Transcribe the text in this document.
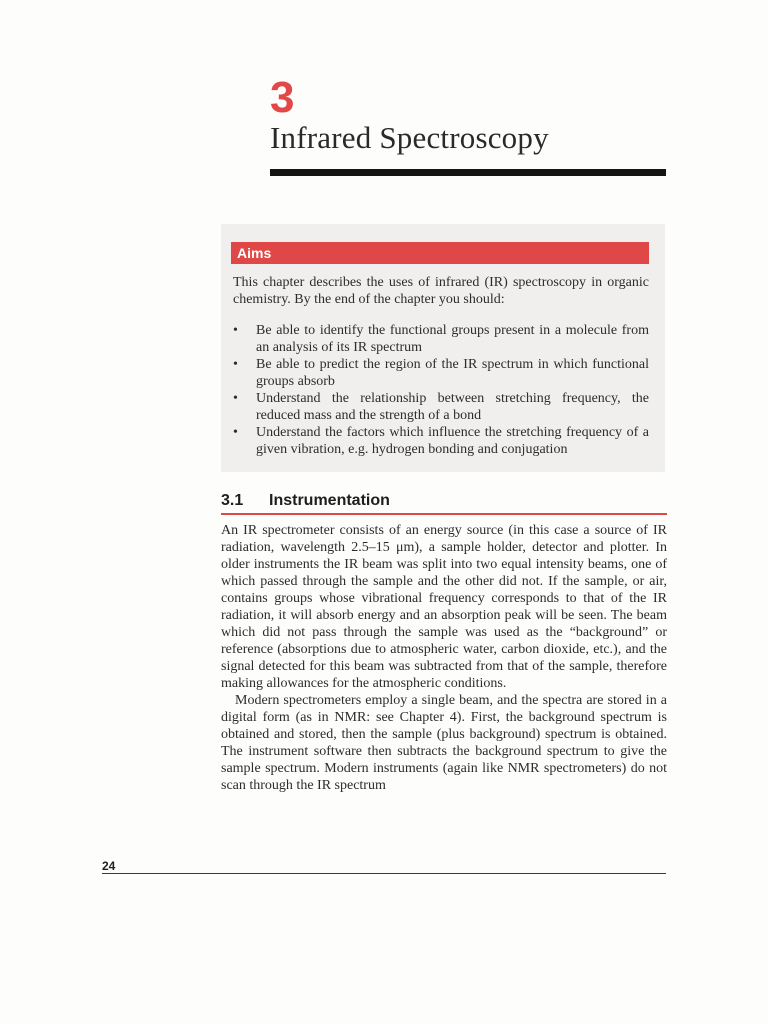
3
Infrared Spectroscopy
Aims
This chapter describes the uses of infrared (IR) spectroscopy in organic chemistry. By the end of the chapter you should:
• Be able to identify the functional groups present in a molecule from an analysis of its IR spectrum
• Be able to predict the region of the IR spectrum in which functional groups absorb
• Understand the relationship between stretching frequency, the reduced mass and the strength of a bond
• Understand the factors which influence the stretching frequency of a given vibration, e.g. hydrogen bonding and conjugation
3.1 Instrumentation

An IR spectrometer consists of an energy source (in this case a source of IR radiation, wavelength 2.5–15 μm), a sample holder, detector and plotter. In older instruments the IR beam was split into two equal intensity beams, one of which passed through the sample and the other did not. If the sample, or air, contains groups whose vibrational frequency corresponds to that of the IR radiation, it will absorb energy and an absorption peak will be seen. The beam which did not pass through the sample was used as the “background” or reference (absorptions due to atmospheric water, carbon dioxide, etc.), and the signal detected for this beam was subtracted from that of the sample, therefore making allowances for the atmospheric conditions.

Modern spectrometers employ a single beam, and the spectra are stored in a digital form (as in NMR: see Chapter 4). First, the background spectrum is obtained and stored, then the sample (plus background) spectrum is obtained. The instrument software then subtracts the background spectrum to give the sample spectrum. Modern instruments (again like NMR spectrometers) do not scan through the IR spectrum

24
